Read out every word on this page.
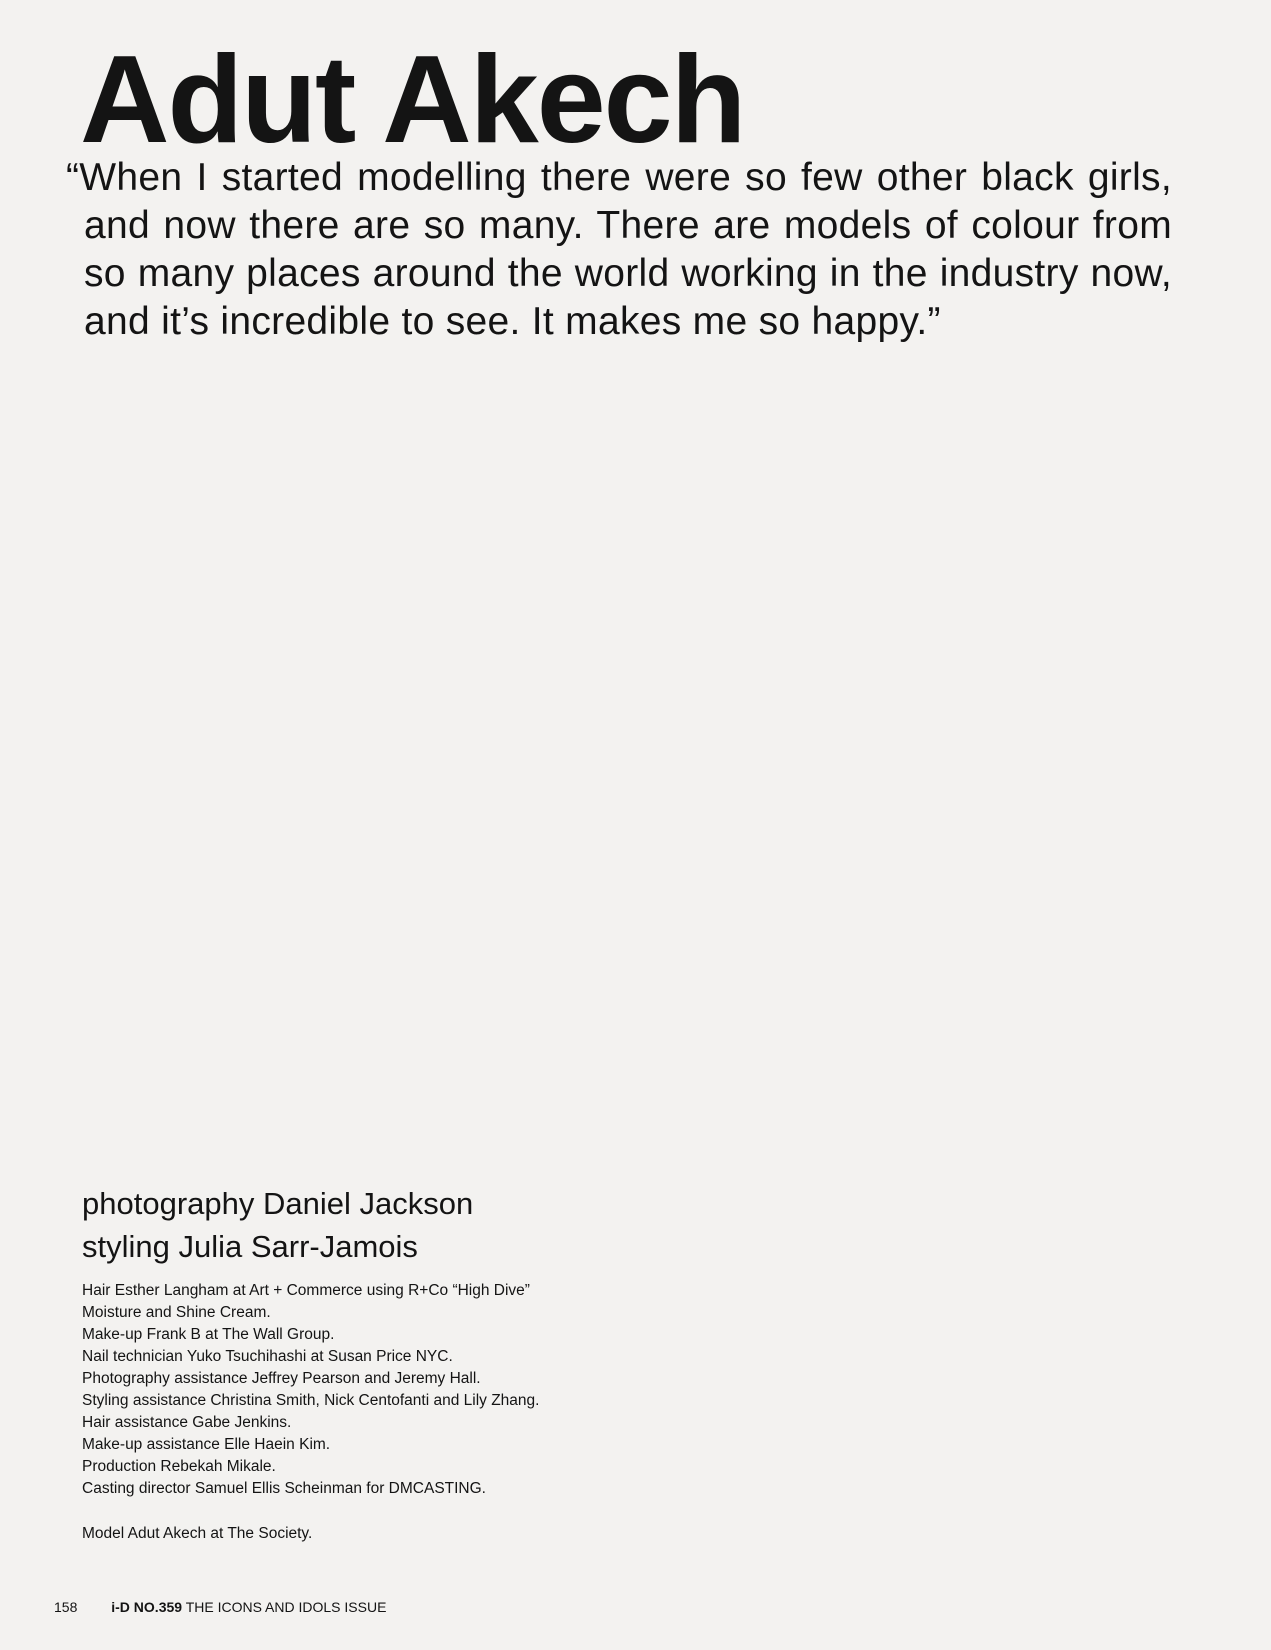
Adut Akech

“When I started modelling there were so few other black girls, and now there are so many. There are models of colour from so many places around the world working in the industry now, and it’s incredible to see. It makes me so happy.”

photography Daniel Jackson
styling Julia Sarr-Jamois
Hair Esther Langham at Art + Commerce using R+Co “High Dive”
Moisture and Shine Cream.
Make-up Frank B at The Wall Group.
Nail technician Yuko Tsuchihashi at Susan Price NYC.
Photography assistance Jeffrey Pearson and Jeremy Hall.
Styling assistance Christina Smith, Nick Centofanti and Lily Zhang.
Hair assistance Gabe Jenkins.
Make-up assistance Elle Haein Kim.
Production Rebekah Mikale.
Casting director Samuel Ellis Scheinman for DMCASTING.
Model Adut Akech at The Society.
158 i-D NO.359 THE ICONS AND IDOLS ISSUE
